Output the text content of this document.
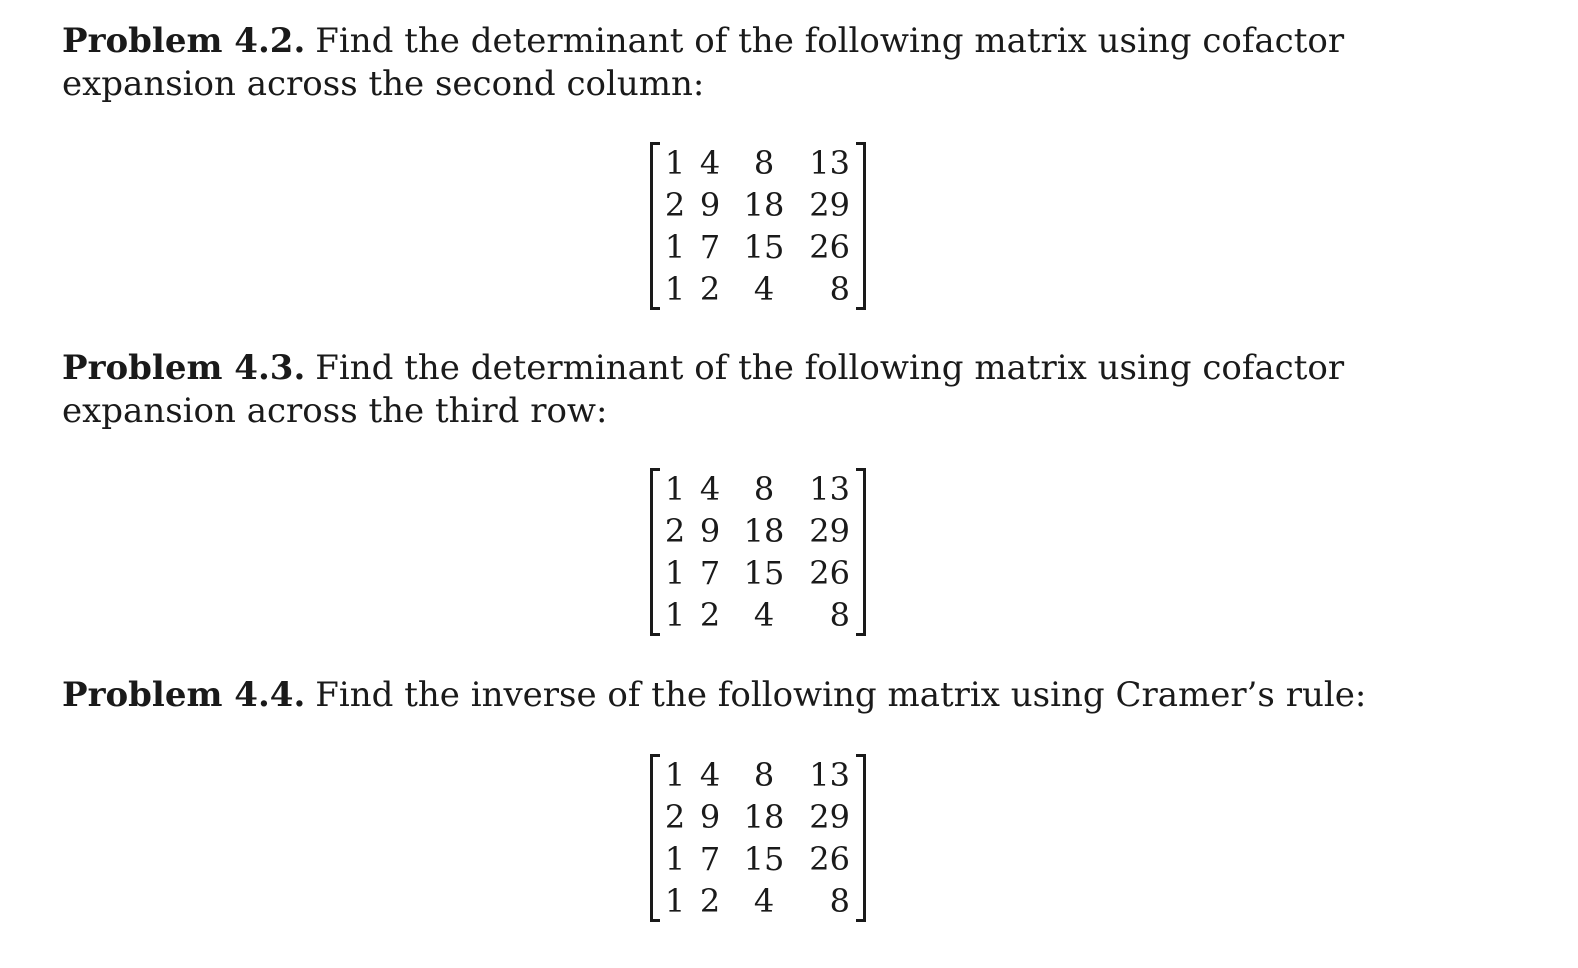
Problem 4.2. Find the determinant of the following matrix using cofactor expansion across the second column:

1 4	8	13
2 9 18 29
1 7 15 26
1 2	4	8

Problem 4.3. Find the determinant of the following matrix using cofactor expansion across the third row:

1 4	8	13
2 9 18 29
1 7 15 26
1 2	4	8

Problem 4.4. Find the inverse of the following matrix using Cramer’s rule:

1 4	8	13
2 9 18 29
1 7 15 26
1 2	4	8
